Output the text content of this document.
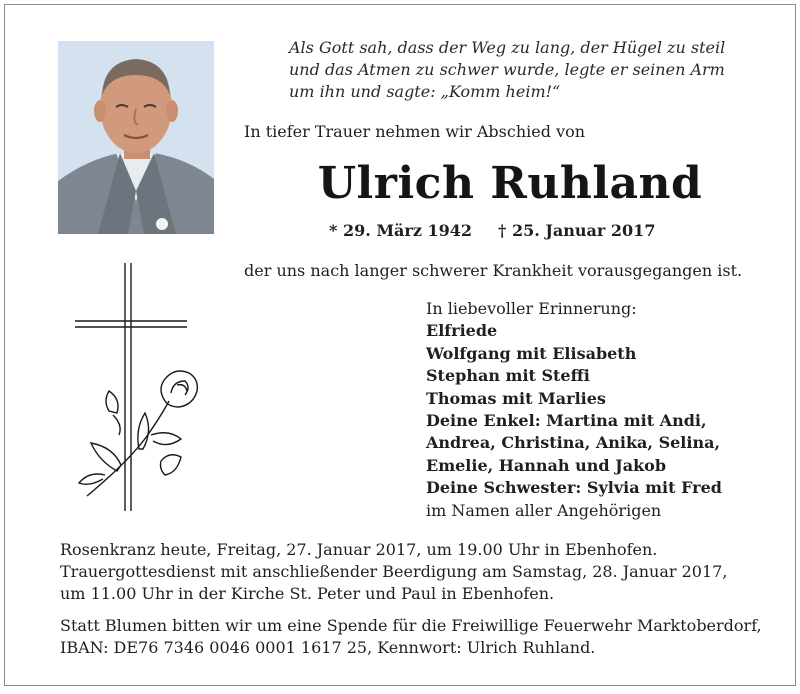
Als Gott sah, dass der Weg zu lang, der Hügel zu steil
und das Atmen zu schwer wurde, legte er seinen Arm
um ihn und sagte: „Komm heim!“
In tiefer Trauer nehmen wir Abschied von
Ulrich Ruhland
* 29. März 1942 † 25. Januar 2017
der uns nach langer schwerer Krankheit vorausgegangen ist.
In liebevoller Erinnerung:
Elfriede
Wolfgang mit Elisabeth
Stephan mit Steffi
Thomas mit Marlies
Deine Enkel: Martina mit Andi,
Andrea, Christina, Anika, Selina,
Emelie, Hannah und Jakob
Deine Schwester: Sylvia mit Fred
im Namen aller Angehörigen
Rosenkranz heute, Freitag, 27. Januar 2017, um 19.00 Uhr in Ebenhofen.
Trauergottesdienst mit anschließender Beerdigung am Samstag, 28. Januar 2017,
um 11.00 Uhr in der Kirche St. Peter und Paul in Ebenhofen.
Statt Blumen bitten wir um eine Spende für die Freiwillige Feuerwehr Marktoberdorf,
IBAN: DE76 7346 0046 0001 1617 25, Kennwort: Ulrich Ruhland.
